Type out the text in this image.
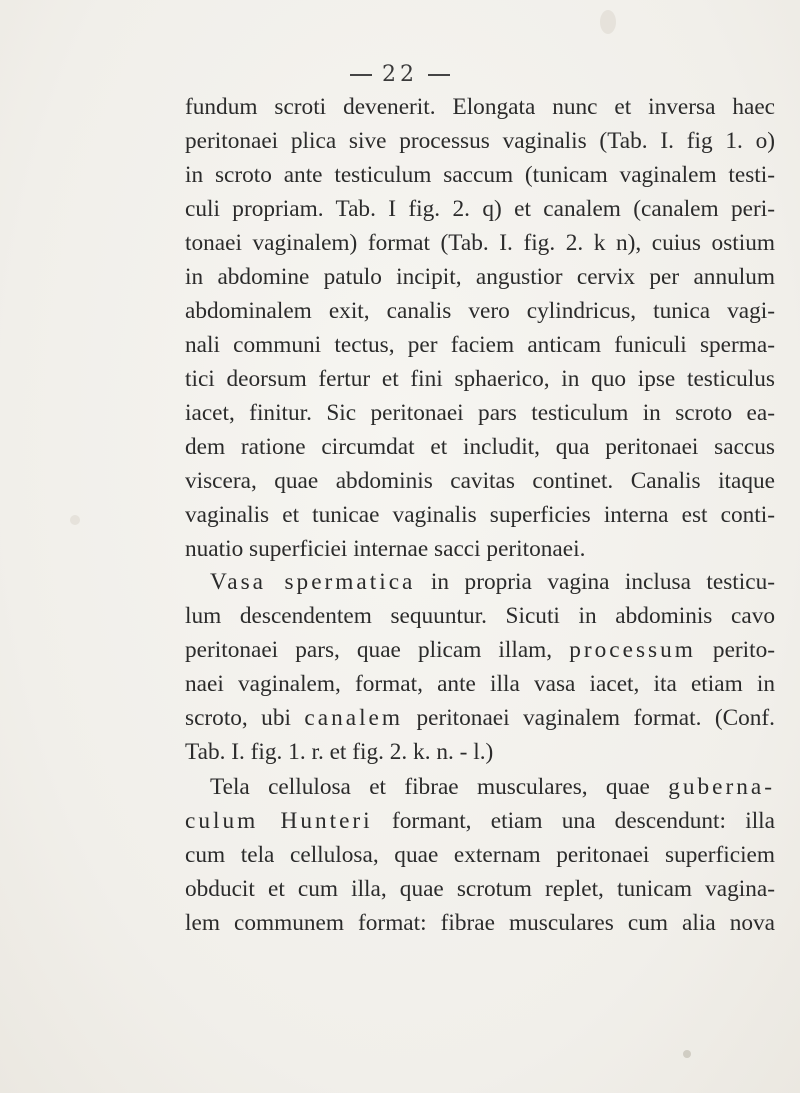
22
fundum scroti devenerit. Elongata nunc et inversa haec
peritonaei plica sive processus vaginalis (Tab. I. fig 1. o)
in scroto ante testiculum saccum (tunicam vaginalem testi-
culi propriam. Tab. I fig. 2. q) et canalem (canalem peri-
tonaei vaginalem) format (Tab. I. fig. 2. k n), cuius ostium
in abdomine patulo incipit, angustior cervix per annulum
abdominalem exit, canalis vero cylindricus, tunica vagi-
nali communi tectus, per faciem anticam funiculi sperma-
tici deorsum fertur et fini sphaerico, in quo ipse testiculus
iacet, finitur. Sic peritonaei pars testiculum in scroto ea-
dem ratione circumdat et includit, qua peritonaei saccus
viscera, quae abdominis cavitas continet. Canalis itaque
vaginalis et tunicae vaginalis superficies interna est conti-
nuatio superficiei internae sacci peritonaei.
Vasa spermatica in propria vagina inclusa testicu-
lum descendentem sequuntur. Sicuti in abdominis cavo
peritonaei pars, quae plicam illam, processum perito-
naei vaginalem, format, ante illa vasa iacet, ita etiam in
scroto, ubi canalem peritonaei vaginalem format. (Conf.
Tab. I. fig. 1. r. et fig. 2. k. n. - l.)
Tela cellulosa et fibrae musculares, quae guberna-
culum Hunteri formant, etiam una descendunt: illa
cum tela cellulosa, quae externam peritonaei superficiem
obducit et cum illa, quae scrotum replet, tunicam vagina-
lem communem format: fibrae musculares cum alia nova
